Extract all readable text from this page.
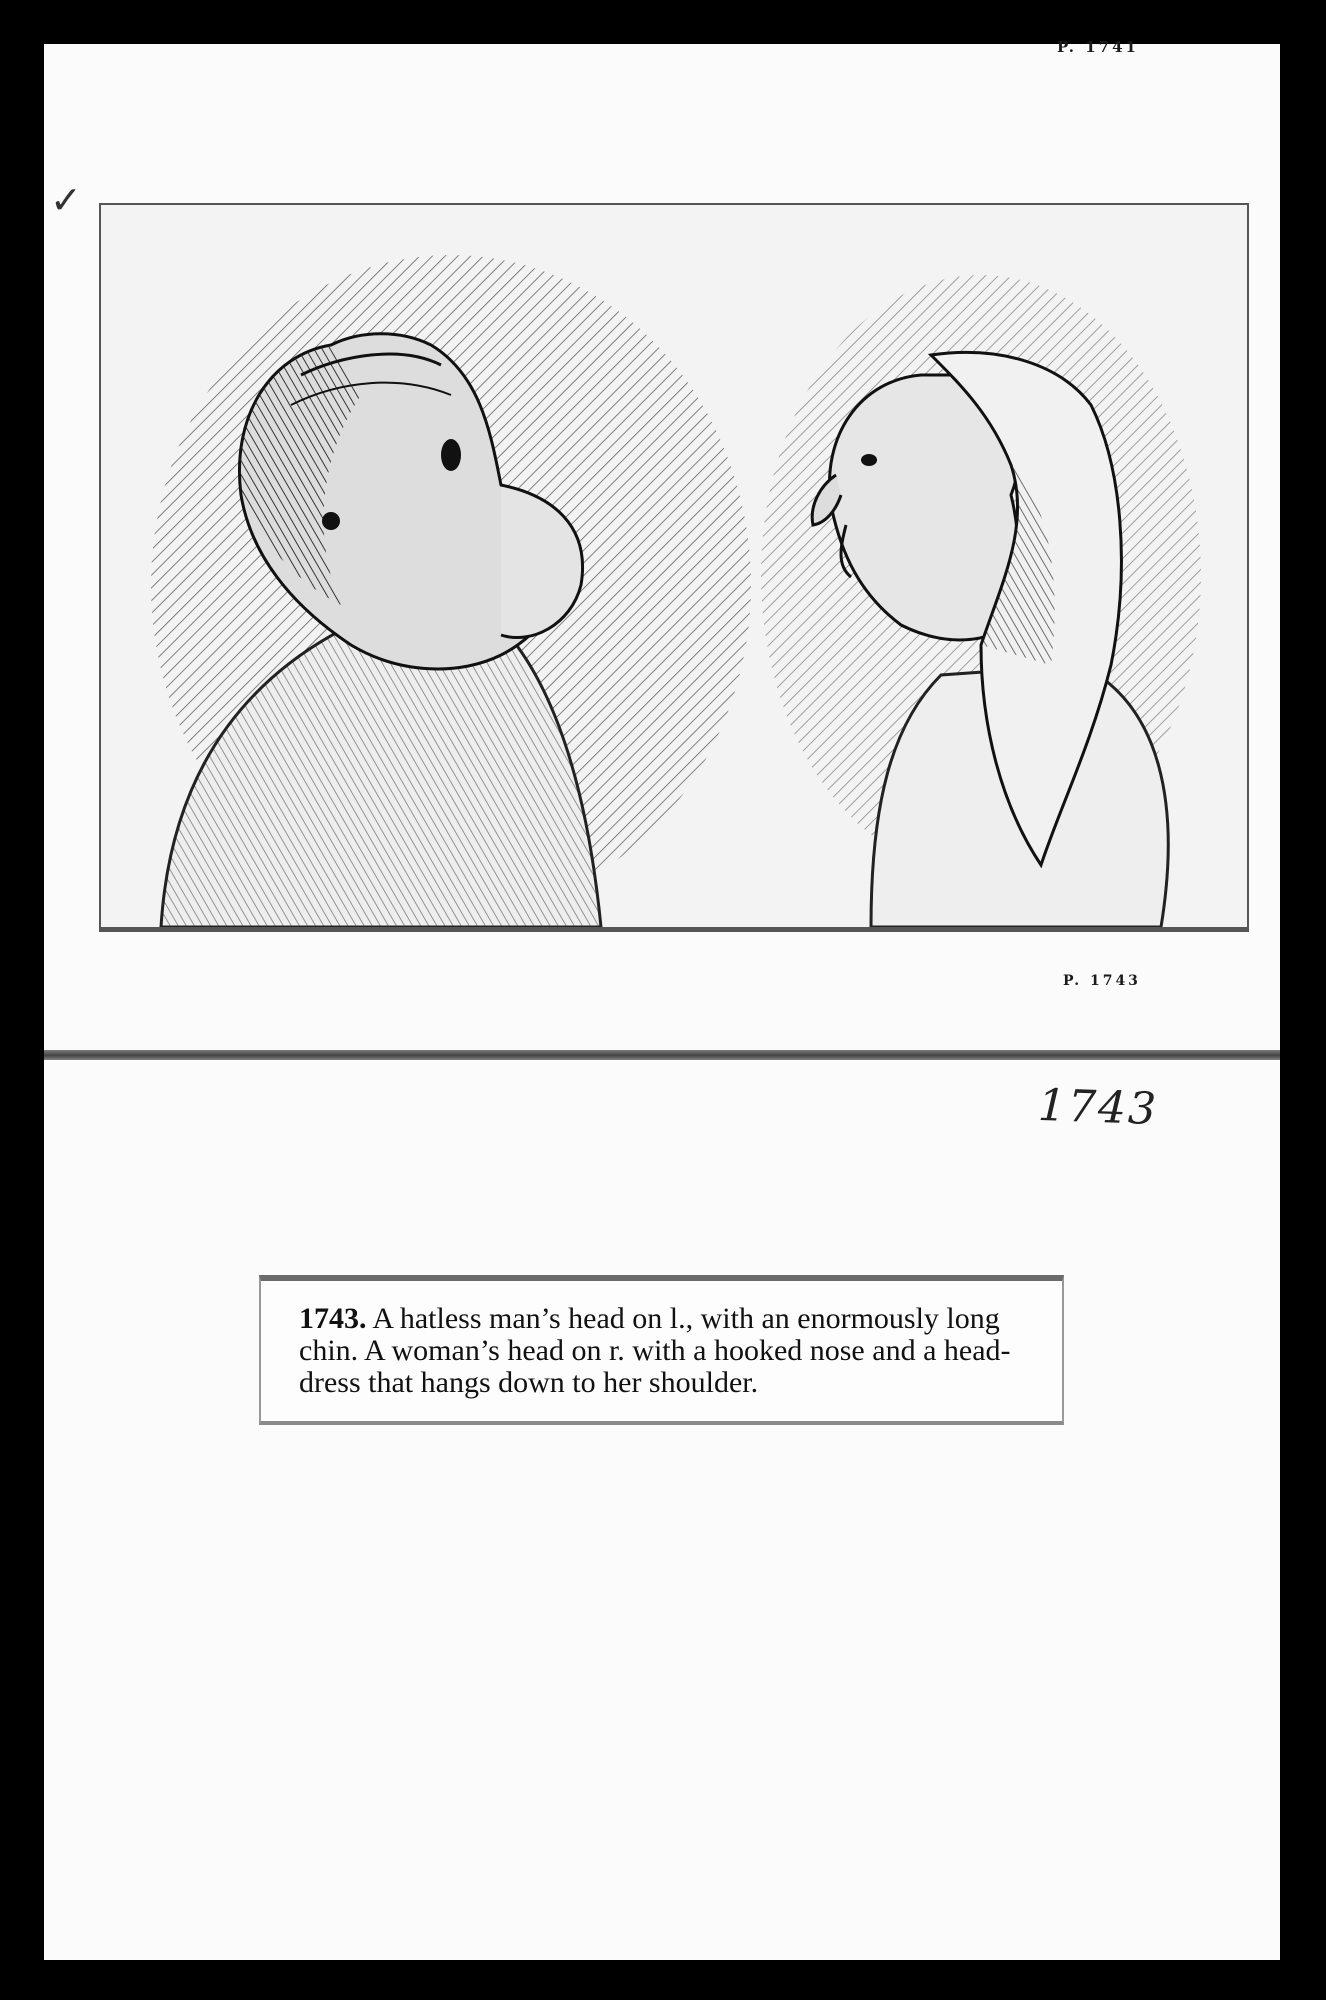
P. 1741
✓
P. 1743
1743

1743. A hatless man’s head on l., with an enormously long chin. A woman’s head on r. with a hooked nose and a head-dress that hangs down to her shoulder.
